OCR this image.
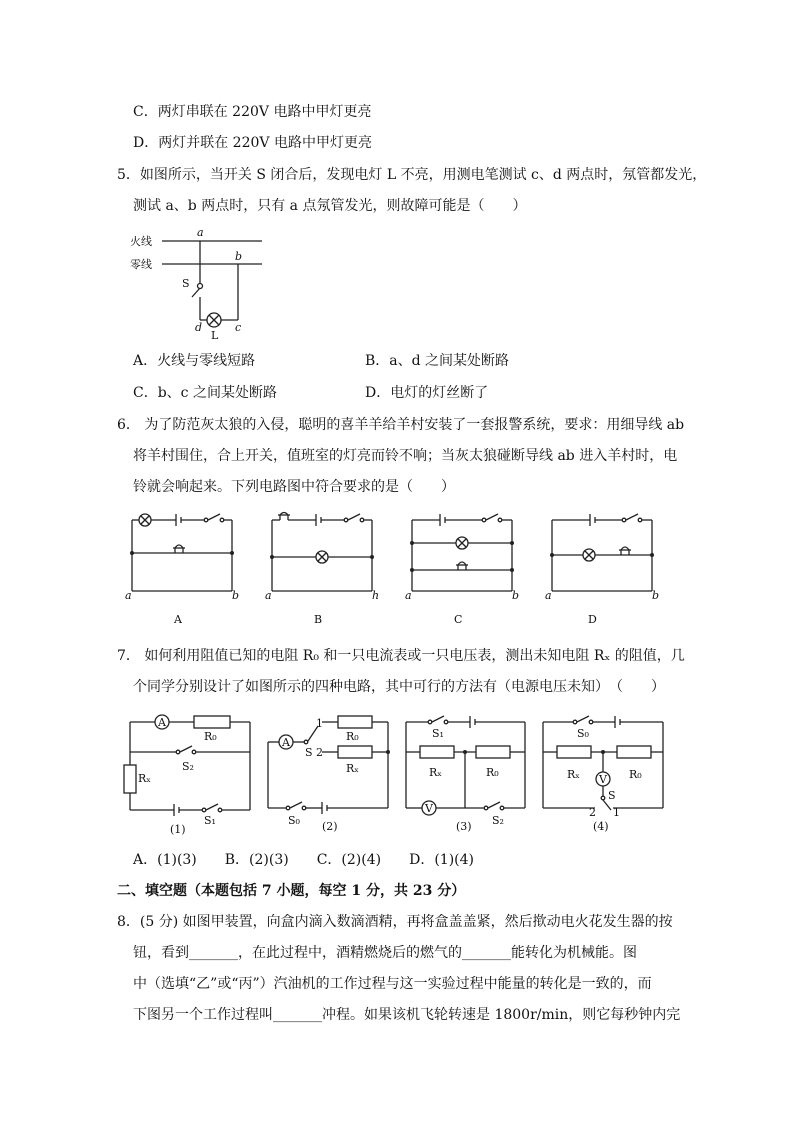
C．两灯串联在 220V 电路中甲灯更亮
D．两灯并联在 220V 电路中甲灯更亮
5．如图所示，当开关 S 闭合后，发现电灯 L 不亮，用测电笔测试 c、d 两点时，氖管都发光，
测试 a、b 两点时，只有 a 点氖管发光，则故障可能是（　　）
火线
零线
a
b
S
d	c
L
A．火线与零线短路	B．a、d 之间某处断路
C．b、c 之间某处断路	D．电灯的灯丝断了
6． 为了防范灰太狼的入侵，聪明的喜羊羊给羊村安装了一套报警系统，要求：用细导线 ab
将羊村围住，合上开关，值班室的灯亮而铃不响；当灰太狼碰断导线 ab 进入羊村时，电
铃就会响起来。下列电路图中符合要求的是（　　）
a	b
A
a	h
B
a	b
C
a	b
D
7． 如何利用阻值已知的电阻 R₀ 和一只电流表或一只电压表，测出未知电阻 Rₓ 的阻值，几
个同学分别设计了如图所示的四种电路，其中可行的方法有（电源电压未知）　（　　）
A
R₀
Rₓ
S₂
S₁
(1)
A
S
1
2
R₀
Rₓ
S₀ (2)
S₁
Rₓ	R₀
V
S₂
(3)
S₀
Rₓ	R₀
V
S
2 1
(4)
A．(1)(3)　　B．(2)(3)　　C．(2)(4)　　D．(1)(4)
二、填空题（本题包括 7 小题，每空 1 分，共 23 分）
8．(5 分) 如图甲装置，向盒内滴入数滴酒精，再将盒盖盖紧，然后揿动电火花发生器的按
钮，看到_______，在此过程中，酒精燃烧后的燃气的_______能转化为机械能。图
中（选填“乙”或“丙”）汽油机的工作过程与这一实验过程中能量的转化是一致的，而
下图另一个工作过程叫_______冲程。如果该机飞轮转速是 1800r/min，则它每秒钟内完
